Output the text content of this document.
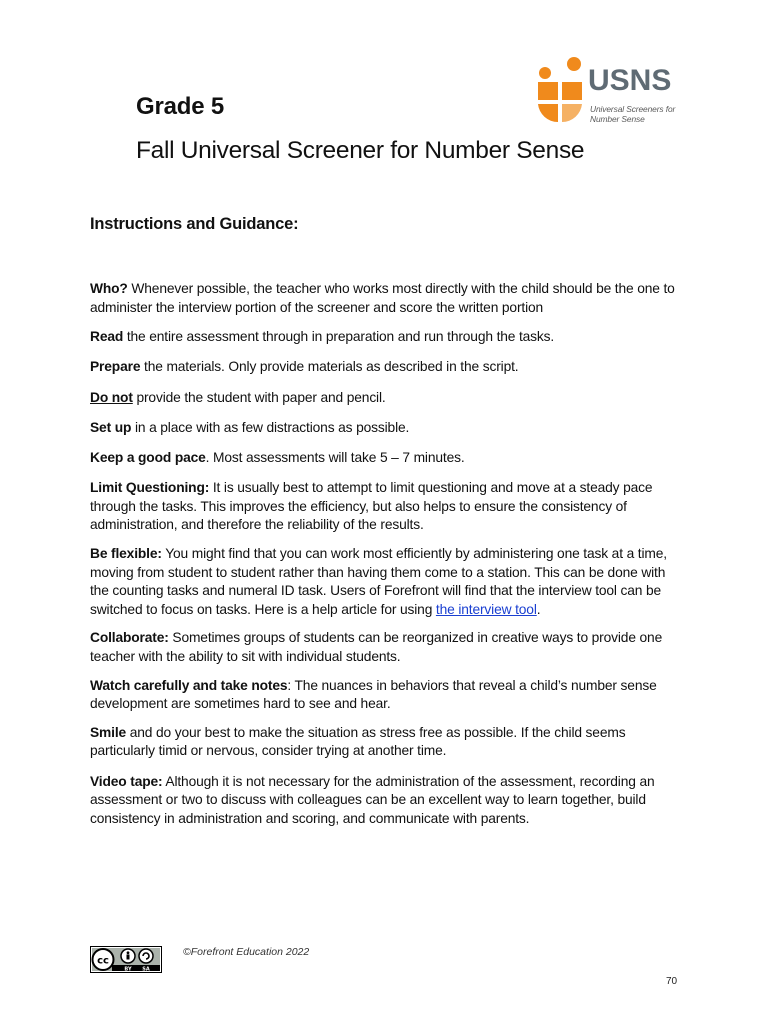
Grade 5
Fall Universal Screener for Number Sense
USNS
Universal Screeners for
Number Sense
Instructions and Guidance:

Who? Whenever possible, the teacher who works most directly with the child should be the one to administer the interview portion of the screener and score the written portion

Read the entire assessment through in preparation and run through the tasks.

Prepare the materials. Only provide materials as described in the script.

Do not provide the student with paper and pencil.

Set up in a place with as few distractions as possible.

Keep a good pace. Most assessments will take 5 – 7 minutes.

Limit Questioning: It is usually best to attempt to limit questioning and move at a steady pace through the tasks. This improves the efficiency, but also helps to ensure the consistency of administration, and therefore the reliability of the results.

Be flexible: You might find that you can work most efficiently by administering one task at a time, moving from student to student rather than having them come to a station. This can be done with the counting tasks and numeral ID task. Users of Forefront will find that the interview tool can be switched to focus on tasks. Here is a help article for using the interview tool.

Collaborate: Sometimes groups of students can be reorganized in creative ways to provide one teacher with the ability to sit with individual students.

Watch carefully and take notes: The nuances in behaviors that reveal a child’s number sense development are sometimes hard to see and hear.

Smile and do your best to make the situation as stress free as possible. If the child seems particularly timid or nervous, consider trying at another time.

Video tape: Although it is not necessary for the administration of the assessment, recording an assessment or two to discuss with colleagues can be an excellent way to learn together, build consistency in administration and scoring, and communicate with parents.

cc
BY SA
©Forefront Education 2022
70
